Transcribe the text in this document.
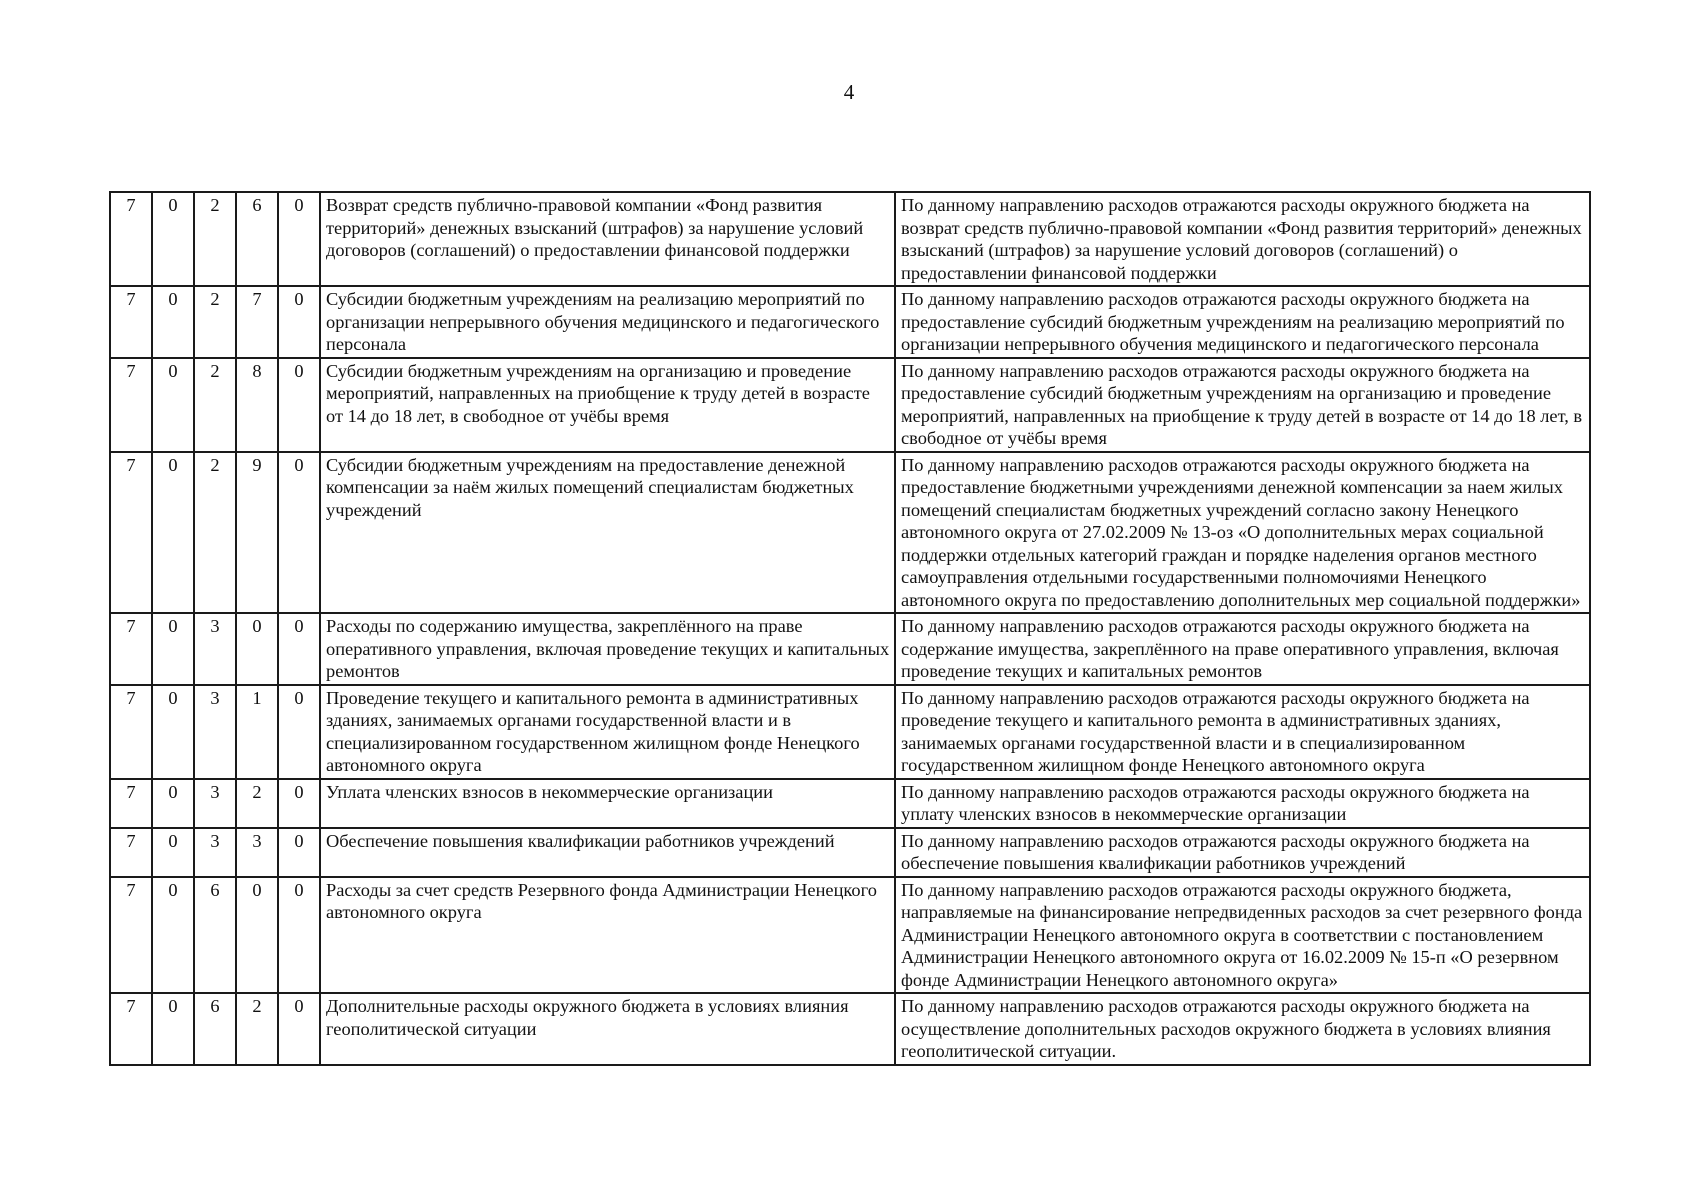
4
7	0	2	6	0	Возврат средств публично-правовой компании «Фонд развития территорий» денежных взысканий (штрафов) за нарушение условий договоров (соглашений) о предоставлении финансовой поддержки	По данному направлению расходов отражаются расходы окружного бюджета на возврат средств публично-правовой компании «Фонд развития территорий» денежных взысканий (штрафов) за нарушение условий договоров (соглашений) о предоставлении финансовой поддержки
7	0	2	7	0	Субсидии бюджетным учреждениям на реализацию мероприятий по организации непрерывного обучения медицинского и педагогического персонала	По данному направлению расходов отражаются расходы окружного бюджета на предоставление субсидий бюджетным учреждениям на реализацию мероприятий по организации непрерывного обучения медицинского и педагогического персонала
7	0	2	8	0	Субсидии бюджетным учреждениям на организацию и проведение мероприятий, направленных на приобщение к труду детей в возрасте от 14 до 18 лет, в свободное от учёбы время	По данному направлению расходов отражаются расходы окружного бюджета на предоставление субсидий бюджетным учреждениям на организацию и проведение мероприятий, направленных на приобщение к труду детей в возрасте от 14 до 18 лет, в свободное от учёбы время
7	0	2	9	0	Субсидии бюджетным учреждениям на предоставление денежной компенсации за наём жилых помещений специалистам бюджетных учреждений	По данному направлению расходов отражаются расходы окружного бюджета на предоставление бюджетными учреждениями денежной компенсации за наем жилых помещений специалистам бюджетных учреждений согласно закону Ненецкого автономного округа от 27.02.2009 № 13-оз «О дополнительных мерах социальной поддержки отдельных категорий граждан и порядке наделения органов местного самоуправления отдельными государственными полномочиями Ненецкого автономного округа по предоставлению дополнительных мер социальной поддержки»
7	0	3	0	0	Расходы по содержанию имущества, закреплённого на праве оперативного управления, включая проведение текущих и капитальных ремонтов	По данному направлению расходов отражаются расходы окружного бюджета на содержание имущества, закреплённого на праве оперативного управления, включая проведение текущих и капитальных ремонтов
7	0	3	1	0	Проведение текущего и капитального ремонта в административных зданиях, занимаемых органами государственной власти и в специализированном государственном жилищном фонде Ненецкого автономного округа	По данному направлению расходов отражаются расходы окружного бюджета на проведение текущего и капитального ремонта в административных зданиях, занимаемых органами государственной власти и в специализированном государственном жилищном фонде Ненецкого автономного округа
7	0	3	2	0	Уплата членских взносов в некоммерческие организации	По данному направлению расходов отражаются расходы окружного бюджета на уплату членских взносов в некоммерческие организации
7	0	3	3	0	Обеспечение повышения квалификации работников учреждений	По данному направлению расходов отражаются расходы окружного бюджета на обеспечение повышения квалификации работников учреждений
7	0	6	0	0	Расходы за счет средств Резервного фонда Администрации Ненецкого автономного округа	По данному направлению расходов отражаются расходы окружного бюджета, направляемые на финансирование непредвиденных расходов за счет резервного фонда Администрации Ненецкого автономного округа в соответствии с постановлением Администрации Ненецкого автономного округа от 16.02.2009 № 15-п «О резервном фонде Администрации Ненецкого автономного округа»
7	0	6	2	0	Дополнительные расходы окружного бюджета в условиях влияния геополитической ситуации	По данному направлению расходов отражаются расходы окружного бюджета на осуществление дополнительных расходов окружного бюджета в условиях влияния геополитической ситуации.
